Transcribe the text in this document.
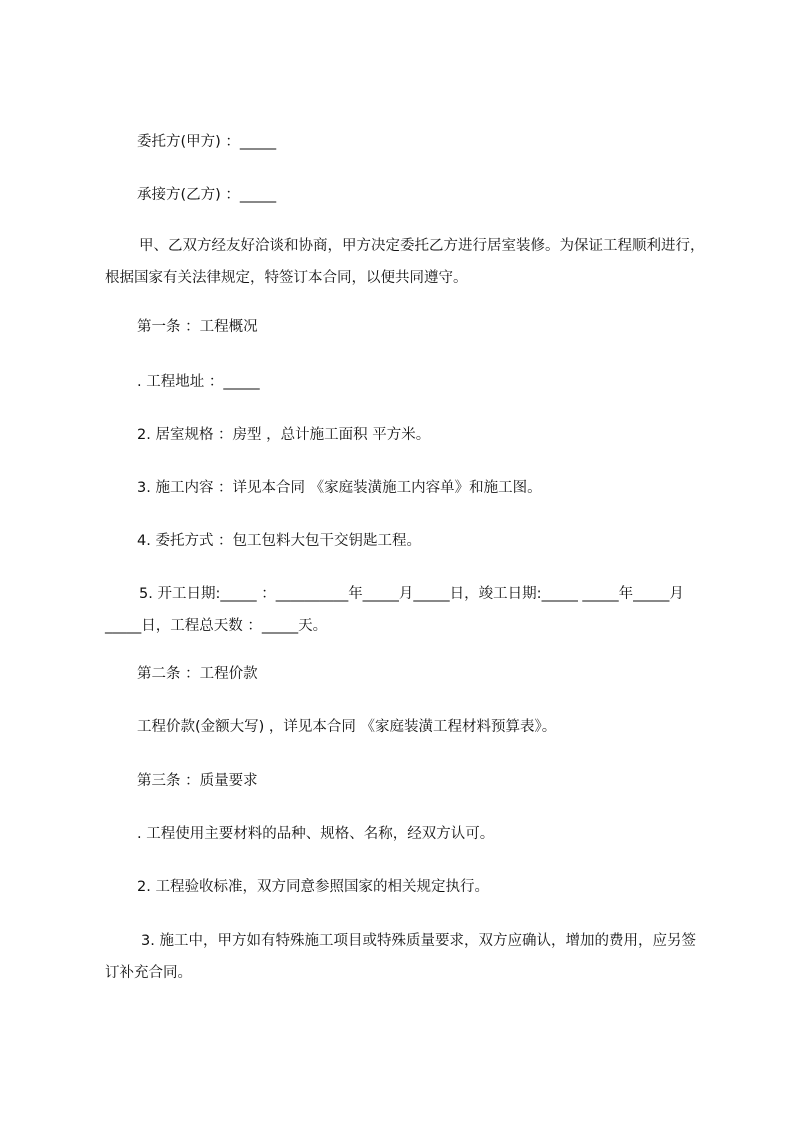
委托方(甲方) ：_____

承接方(乙方) ：_____

甲、乙双方经友好洽谈和协商，甲方决定委托乙方进行居室装修。为保证工程顺利进行，根据国家有关法律规定，特签订本合同，以便共同遵守。

第一条 ：工程概况

. 工程地址 ：_____

2. 居室规格 ：房型 ，总计施工面积 平方米。

3. 施工内容 ：详见本合同 《家庭装潢施工内容单》和施工图。

4. 委托方式 ：包工包料大包干交钥匙工程。

5. 开工日期:_____ ：__________年_____月_____日，竣工日期:_____ _____年_____月_____日，工程总天数 ：_____天。

第二条 ：工程价款

工程价款(金额大写) ，详见本合同 《家庭装潢工程材料预算表》。

第三条 ：质量要求

. 工程使用主要材料的品种、规格、名称，经双方认可。

2. 工程验收标准，双方同意参照国家的相关规定执行。

3. 施工中，甲方如有特殊施工项目或特殊质量要求，双方应确认，增加的费用，应另签订补充合同。
